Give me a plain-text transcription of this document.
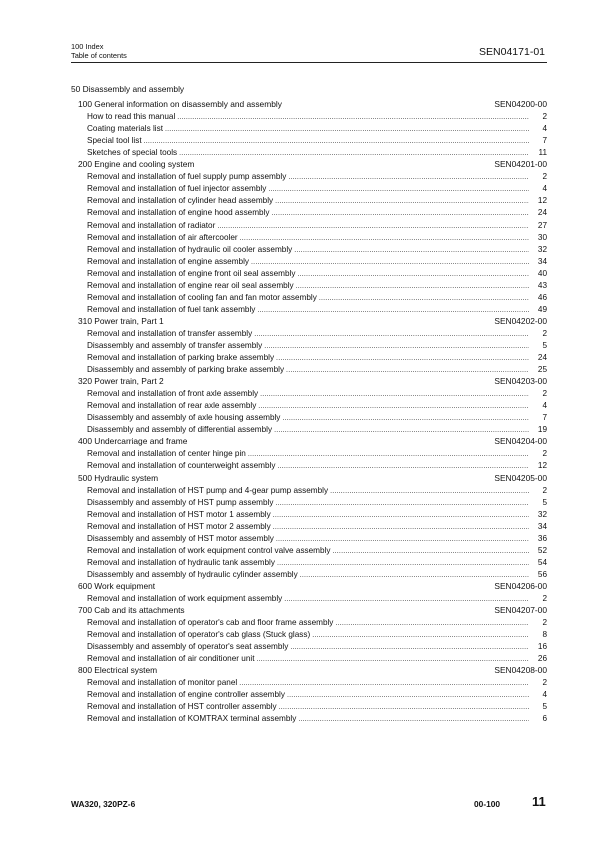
100 Index
Table of contents	SEN04171-01
50 Disassembly and assembly
100 General information on disassembly and assembly	SEN04200-00
How to read this manual .....	2
Coating materials list .....	4
Special tool list .....	7
Sketches of special tools .....	11
200 Engine and cooling system	SEN04201-00
Removal and installation of fuel supply pump assembly .....	2
Removal and installation of fuel injector assembly .....	4
Removal and installation of cylinder head assembly .....	12
Removal and installation of engine hood assembly .....	24
Removal and installation of radiator .....	27
Removal and installation of air aftercooler .....	30
Removal and installation of hydraulic oil cooler assembly .....	32
Removal and installation of engine assembly .....	34
Removal and installation of engine front oil seal assembly .....	40
Removal and installation of engine rear oil seal assembly .....	43
Removal and installation of cooling fan and fan motor assembly .....	46
Removal and installation of fuel tank assembly .....	49
310 Power train, Part 1	SEN04202-00
Removal and installation of transfer assembly .....	2
Disassembly and assembly of transfer assembly .....	5
Removal and installation of parking brake assembly .....	24
Disassembly and assembly of parking brake assembly .....	25
320 Power train, Part 2	SEN04203-00
Removal and installation of front axle assembly .....	2
Removal and installation of rear axle assembly .....	4
Disassembly and assembly of axle housing assembly .....	7
Disassembly and assembly of differential assembly .....	19
400 Undercarriage and frame	SEN04204-00
Removal and installation of center hinge pin .....	2
Removal and installation of counterweight assembly .....	12
500 Hydraulic system	SEN04205-00
Removal and installation of HST pump and 4-gear pump assembly .....	2
Disassembly and assembly of HST pump assembly .....	5
Removal and installation of HST motor 1 assembly .....	32
Removal and installation of HST motor 2 assembly .....	34
Disassembly and assembly of HST motor assembly .....	36
Removal and installation of work equipment control valve assembly .....	52
Removal and installation of hydraulic tank assembly .....	54
Disassembly and assembly of hydraulic cylinder assembly .....	56
600 Work equipment	SEN04206-00
Removal and installation of work equipment assembly .....	2
700 Cab and its attachments	SEN04207-00
Removal and installation of operator's cab and floor frame assembly .....	2
Removal and installation of operator's cab glass (Stuck glass) .....	8
Disassembly and assembly of operator's seat assembly .....	16
Removal and installation of air conditioner unit .....	26
800 Electrical system	SEN04208-00
Removal and installation of monitor panel .....	2
Removal and installation of engine controller assembly .....	4
Removal and installation of HST controller assembly .....	5
Removal and installation of KOMTRAX terminal assembly .....	6
WA320, 320PZ-6	00-100 11
